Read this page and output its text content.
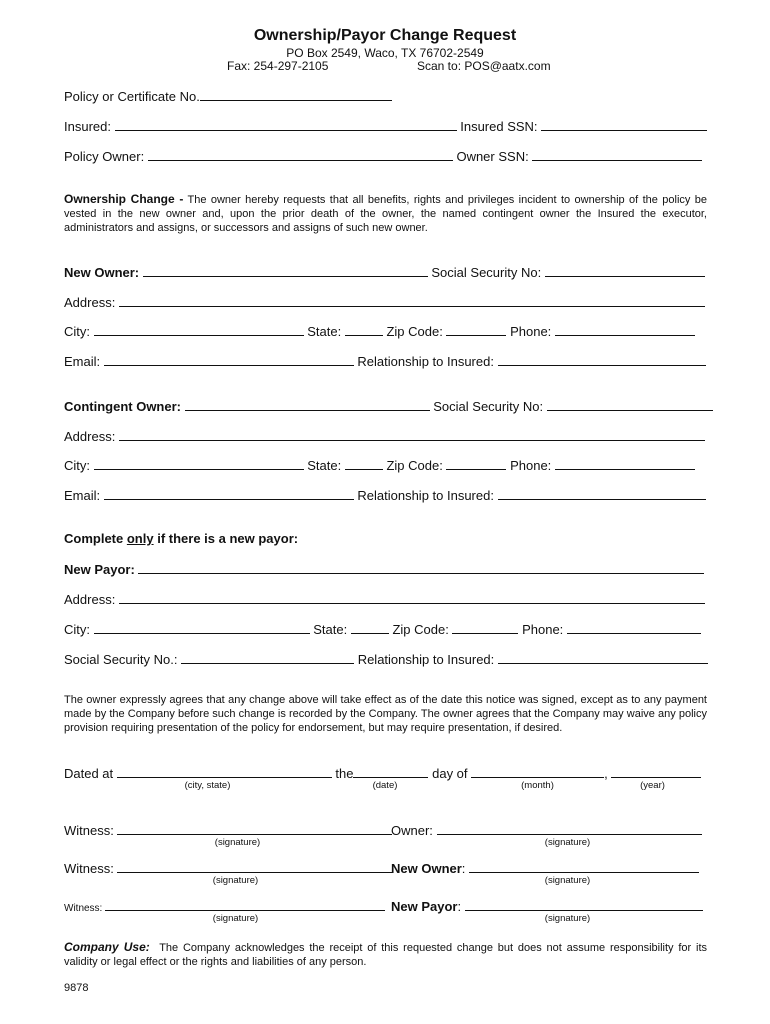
Ownership/Payor Change Request
PO Box 2549, Waco, TX 76702-2549
Fax: 254-297-2105	Scan to: POS@aatx.com
Policy or Certificate No.
Insured:	Insured SSN:
Policy Owner:	Owner SSN:
Ownership Change - The owner hereby requests that all benefits, rights and privileges incident to ownership of the policy be vested in the new owner and, upon the prior death of the owner, the named contingent owner the Insured the executor, administrators and assigns, or successors and assigns of such new owner.
New Owner:	Social Security No:
Address:
City:	State:	Zip Code:	Phone:
Email:	Relationship to Insured:
Contingent Owner:	Social Security No:
Address:
City:	State:	Zip Code:	Phone:
Email:	Relationship to Insured:
Complete only if there is a new payor:
New Payor:
Address:
City:	State:	Zip Code:	Phone:
Social Security No.:	Relationship to Insured:
The owner expressly agrees that any change above will take effect as of the date this notice was signed, except as to any payment made by the Company before such change is recorded by the Company. The owner agrees that the Company may waive any policy provision requiring presentation of the policy for endorsement, but may require presentation, if desired.
Dated at	the	day of	,
(city, state)	(date)	(month)	(year)
Witness:	Owner:
(signature)	(signature)
Witness:	New Owner:
(signature)	(signature)
Witness:	New Payor:
(signature)	(signature)
Company Use: The Company acknowledges the receipt of this requested change but does not assume responsibility for its validity or legal effect or the rights and liabilities of any person.
9878
